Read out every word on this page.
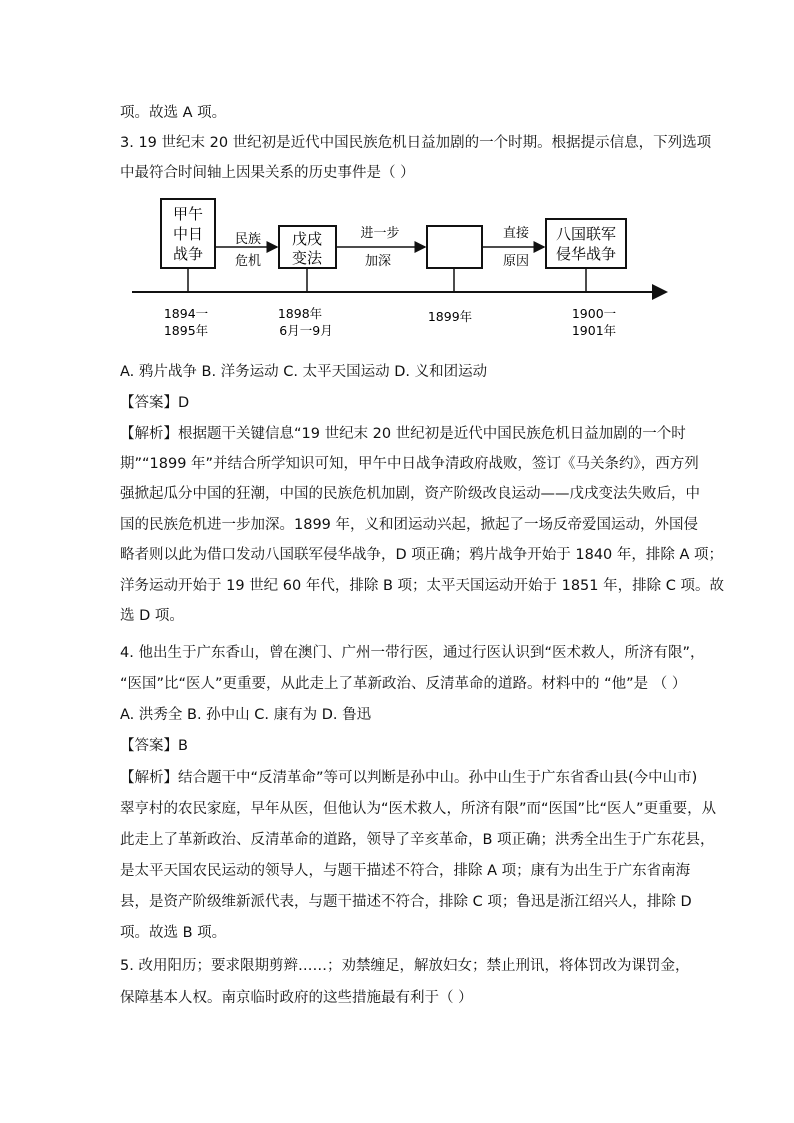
项。故选 A 项。
3. 19 世纪末 20 世纪初是近代中国民族危机日益加剧的一个时期。根据提示信息，下列选项
中最符合时间轴上因果关系的历史事件是（ ）
甲午
中日
战争
戊戌
变法
八国联军
侵华战争
民族
危机
进一步
加深
直接
原因
1894一
1895年
1898年
6月一9月
1899年	1900一
1901年
A. 鸦片战争 B. 洋务运动 C. 太平天国运动 D. 义和团运动
【答案】D
【解析】根据题干关键信息“19 世纪末 20 世纪初是近代中国民族危机日益加剧的一个时
期”“1899 年”并结合所学知识可知，甲午中日战争清政府战败，签订《马关条约》，西方列
强掀起瓜分中国的狂潮，中国的民族危机加剧，资产阶级改良运动——戊戌变法失败后，中
国的民族危机进一步加深。1899 年，义和团运动兴起，掀起了一场反帝爱国运动，外国侵
略者则以此为借口发动八国联军侵华战争，D 项正确；鸦片战争开始于 1840 年，排除 A 项；
洋务运动开始于 19 世纪 60 年代，排除 B 项；太平天国运动开始于 1851 年，排除 C 项。故
选 D 项。
4. 他出生于广东香山，曾在澳门、广州一带行医，通过行医认识到“医术救人，所济有限”，
“医国”比“医人”更重要，从此走上了革新政治、反清革命的道路。材料中的 “他”是 （ ）
A. 洪秀全 B. 孙中山 C. 康有为 D. 鲁迅
【答案】B
【解析】结合题干中“反清革命”等可以判断是孙中山。孙中山生于广东省香山县(今中山市)
翠亨村的农民家庭，早年从医，但他认为“医术救人，所济有限”而“医国”比“医人”更重要，从
此走上了革新政治、反清革命的道路，领导了辛亥革命，B 项正确；洪秀全出生于广东花县，
是太平天国农民运动的领导人，与题干描述不符合，排除 A 项；康有为出生于广东省南海
县，是资产阶级维新派代表，与题干描述不符合，排除 C 项；鲁迅是浙江绍兴人，排除 D
项。故选 B 项。
5. 改用阳历；要求限期剪辫……；劝禁缠足，解放妇女；禁止刑讯，将体罚改为课罚金，
保障基本人权。南京临时政府的这些措施最有利于（ ）
